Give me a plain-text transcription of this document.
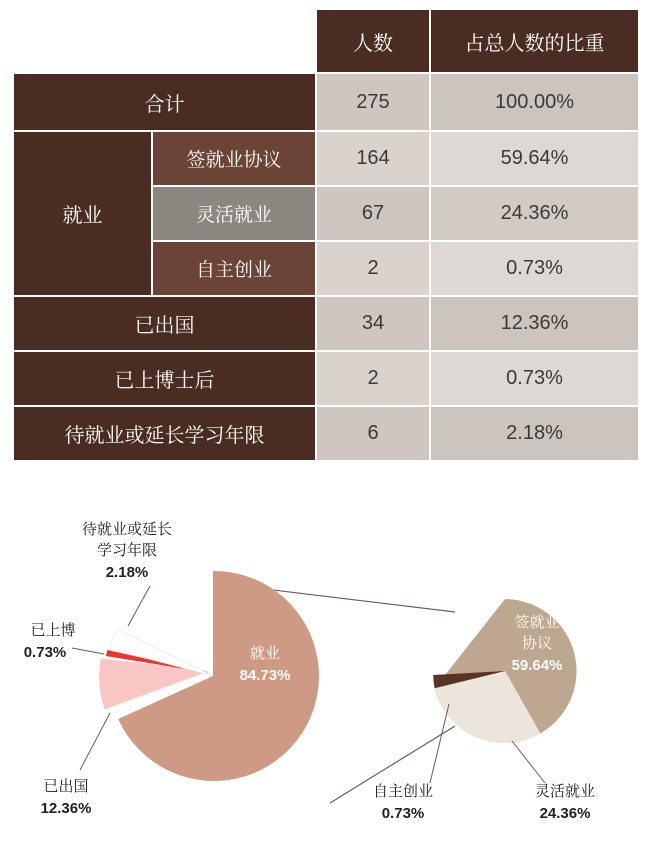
		人数	占总人数的比重
合计		275	100.00%
就业	签就业协议	164	59.64%
	灵活就业	67	24.36%
	自主创业	2	0.73%
已出国		34	12.36%
已上博士后		2	0.73%
待就业或延长学习年限		6	2.18%
待就业或延长
学习年限
2.18%
已上博
0.73%
已出国
12.36%
就业
84.73%
签就业
协议
59.64%
自主创业
0.73%
灵活就业
24.36%
